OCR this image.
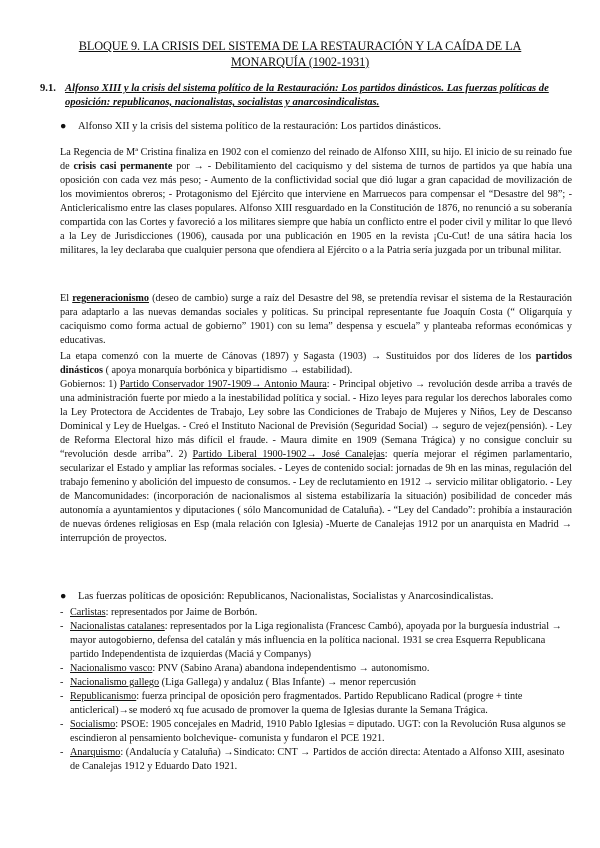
BLOQUE 9. LA CRISIS DEL SISTEMA DE LA RESTAURACIÓN Y LA CAÍDA DE LA
MONARQUÍA (1902-1931)
9.1. Alfonso XIII y la crisis del sistema político de la Restauración: Los partidos dinásticos. Las fuerzas políticas de oposición: republicanos, nacionalistas, socialistas y anarcosindicalistas.
● Alfonso XII y la crisis del sistema político de la restauración: Los partidos dinásticos.
La Regencia de Mª Cristina finaliza en 1902 con el comienzo del reinado de Alfonso XIII, su hijo. El inicio de su reinado fue de crisis casi permanente por → - Debilitamiento del caciquismo y del sistema de turnos de partidos ya que había una oposición con cada vez más peso; - Aumento de la conflictividad social que dió lugar a gran capacidad de movilización de los movimientos obreros; - Protagonismo del Ejército que interviene en Marruecos para compensar el “Desastre del 98”; - Anticlericalismo entre las clases populares. Alfonso XIII resguardado en la Constitución de 1876, no renunció a su soberanía compartida con las Cortes y favoreció a los militares siempre que había un conflicto entre el poder civil y militar lo que llevó a la Ley de Jurisdicciones (1906), causada por una publicación en 1905 en la revista ¡Cu-Cut! de una sátira hacia los militares, la ley declaraba que cualquier persona que ofendiera al Ejército o a la Patria sería juzgada por un tribunal militar.
El regeneracionismo (deseo de cambio) surge a raíz del Desastre del 98, se pretendía revisar el sistema de la Restauración para adaptarlo a las nuevas demandas sociales y políticas. Su principal representante fue Joaquín Costa (“ Oligarquía y caciquismo como forma actual de gobierno” 1901) con su lema” despensa y escuela” y planteaba reformas económicas y educativas.
La etapa comenzó con la muerte de Cánovas (1897) y Sagasta (1903) → Sustituidos por dos líderes de los partidos dinásticos ( apoya monarquía borbónica y bipartidismo → estabilidad).
Gobiernos: 1) Partido Conservador 1907-1909→ Antonio Maura: - Principal objetivo → revolución desde arriba a través de una administración fuerte por miedo a la inestabilidad política y social. - Hizo leyes para regular los derechos laborales como la Ley Protectora de Accidentes de Trabajo, Ley sobre las Condiciones de Trabajo de Mujeres y Niños, Ley de Descanso Dominical y Ley de Huelgas. - Creó el Instituto Nacional de Previsión (Seguridad Social) → seguro de vejez(pensión). - Ley de Reforma Electoral hizo más difícil el fraude. - Maura dimite en 1909 (Semana Trágica) y no consigue concluir su “revolución desde arriba”. 2) Partido Liberal 1900-1902→ José Canalejas: quería mejorar el régimen parlamentario, secularizar el Estado y ampliar las reformas sociales. - Leyes de contenido social: jornadas de 9h en las minas, regulación del trabajo femenino y abolición del impuesto de consumos. - Ley de reclutamiento en 1912 → servicio militar obligatorio. - Ley de Mancomunidades: (incorporación de nacionalismos al sistema estabilizaría la situación) posibilidad de conceder más autonomía a ayuntamientos y diputaciones ( sólo Mancomunidad de Cataluña). - “Ley del Candado”: prohibía a instauración de nuevas órdenes religiosas en Esp (mala relación con Iglesia) -Muerte de Canalejas 1912 por un anarquista en Madrid → interrupción de proyectos.
● Las fuerzas políticas de oposición: Republicanos, Nacionalistas, Socialistas y Anarcosindicalistas.
- Carlistas: representados por Jaime de Borbón.
- Nacionalistas catalanes: representados por la Liga regionalista (Francesc Cambó), apoyada por la burguesía industrial → mayor autogobierno, defensa del catalán y más influencia en la política nacional. 1931 se crea Esquerra Republicana partido Independentista de izquierdas (Maciá y Companys)
- Nacionalismo vasco: PNV (Sabino Arana) abandona independentismo → autonomismo.
- Nacionalismo gallego (Liga Gallega) y andaluz ( Blas Infante) → menor repercusión
- Republicanismo: fuerza principal de oposición pero fragmentados. Partido Republicano Radical (progre + tinte anticlerical)→se moderó xq fue acusado de promover la quema de Iglesias durante la Semana Trágica.
- Socialismo: PSOE: 1905 concejales en Madrid, 1910 Pablo Iglesias = diputado. UGT: con la Revolución Rusa algunos se escindieron al pensamiento bolchevique- comunista y fundaron el PCE 1921.
- Anarquismo: (Andalucía y Cataluña) →Sindicato: CNT → Partidos de acción directa: Atentado a Alfonso XIII, asesinato de Canalejas 1912 y Eduardo Dato 1921.
